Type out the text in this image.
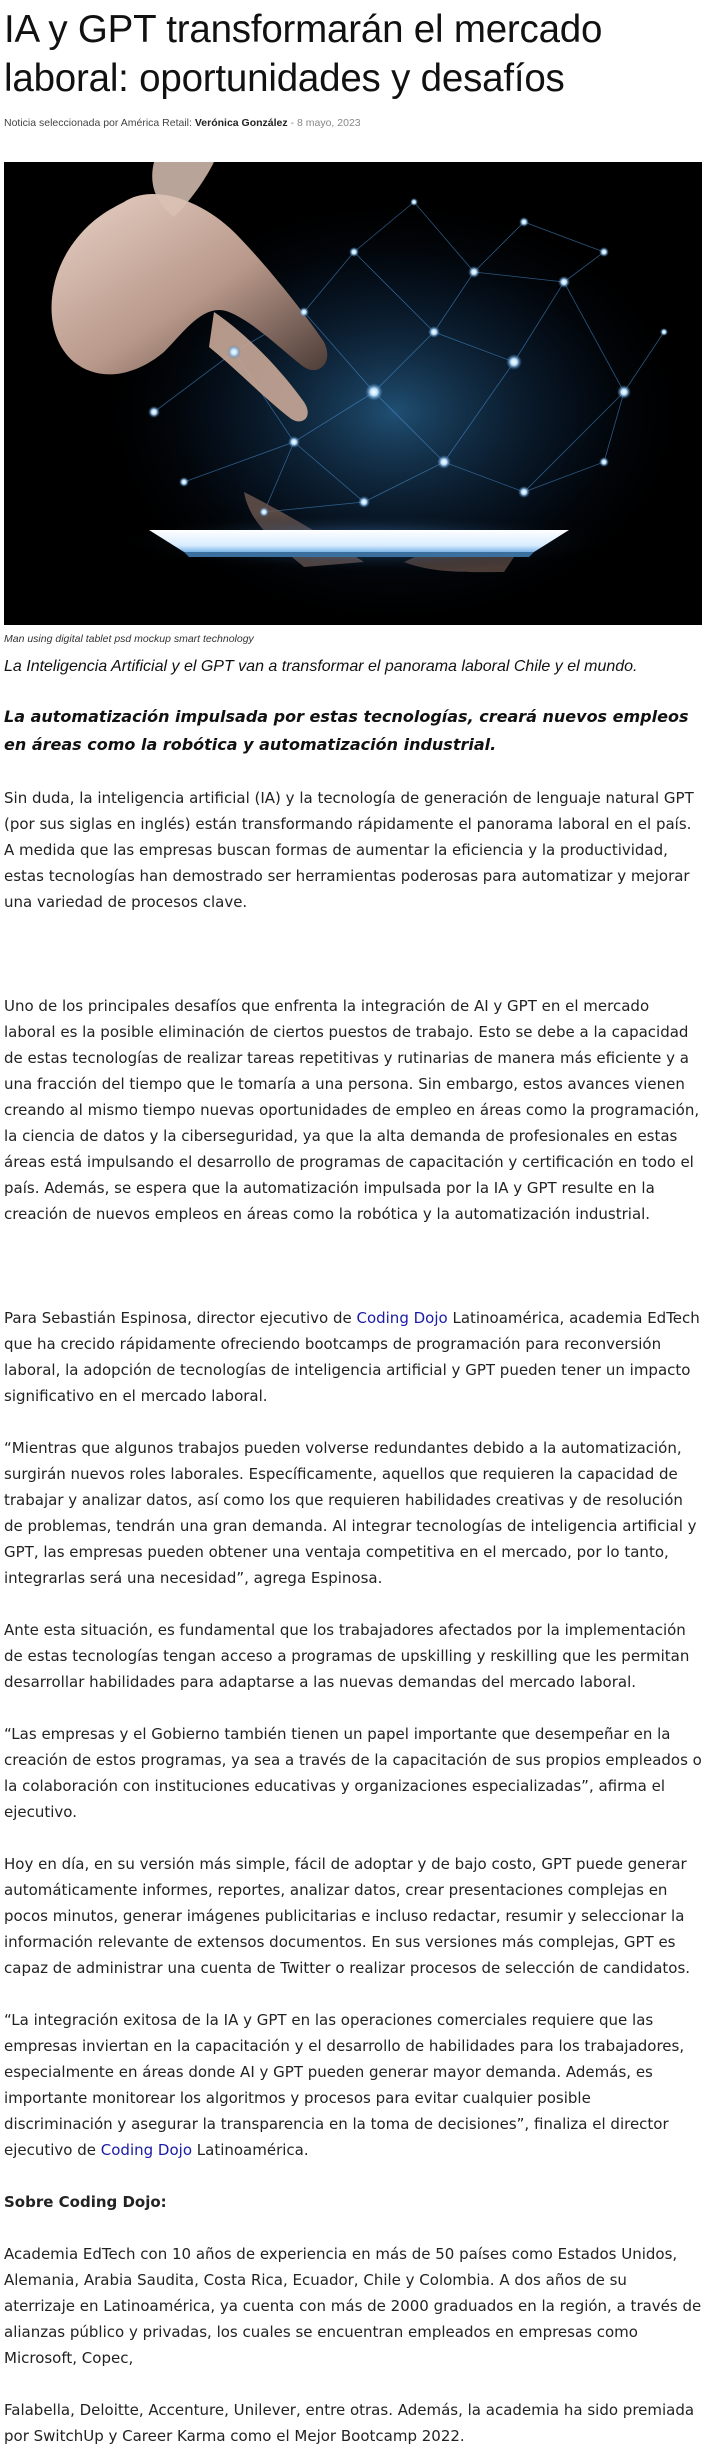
IA y GPT transformarán el mercado laboral: oportunidades y desafíos
Noticia seleccionada por América Retail: Verónica González - 8 mayo, 2023
Man using digital tablet psd mockup smart technology
La Inteligencia Artificial y el GPT van a transformar el panorama laboral Chile y el mundo.

La automatización impulsada por estas tecnologías, creará nuevos empleos en áreas como la robótica y automatización industrial.

Sin duda, la inteligencia artificial (IA) y la tecnología de generación de lenguaje natural GPT (por sus siglas en inglés) están transformando rápidamente el panorama laboral en el país. A medida que las empresas buscan formas de aumentar la eficiencia y la productividad, estas tecnologías han demostrado ser herramientas poderosas para automatizar y mejorar una variedad de procesos clave.

Uno de los principales desafíos que enfrenta la integración de AI y GPT en el mercado laboral es la posible eliminación de ciertos puestos de trabajo. Esto se debe a la capacidad de estas tecnologías de realizar tareas repetitivas y rutinarias de manera más eficiente y a una fracción del tiempo que le tomaría a una persona. Sin embargo, estos avances vienen creando al mismo tiempo nuevas oportunidades de empleo en áreas como la programación, la ciencia de datos y la ciberseguridad, ya que la alta demanda de profesionales en estas áreas está impulsando el desarrollo de programas de capacitación y certificación en todo el país. Además, se espera que la automatización impulsada por la IA y GPT resulte en la creación de nuevos empleos en áreas como la robótica y la automatización industrial.

Para Sebastián Espinosa, director ejecutivo de Coding Dojo Latinoamérica, academia EdTech que ha crecido rápidamente ofreciendo bootcamps de programación para reconversión laboral, la adopción de tecnologías de inteligencia artificial y GPT pueden tener un impacto significativo en el mercado laboral.

“Mientras que algunos trabajos pueden volverse redundantes debido a la automatización, surgirán nuevos roles laborales. Específicamente, aquellos que requieren la capacidad de trabajar y analizar datos, así como los que requieren habilidades creativas y de resolución de problemas, tendrán una gran demanda. Al integrar tecnologías de inteligencia artificial y GPT, las empresas pueden obtener una ventaja competitiva en el mercado, por lo tanto, integrarlas será una necesidad”, agrega Espinosa.

Ante esta situación, es fundamental que los trabajadores afectados por la implementación de estas tecnologías tengan acceso a programas de upskilling y reskilling que les permitan desarrollar habilidades para adaptarse a las nuevas demandas del mercado laboral.

“Las empresas y el Gobierno también tienen un papel importante que desempeñar en la creación de estos programas, ya sea a través de la capacitación de sus propios empleados o la colaboración con instituciones educativas y organizaciones especializadas”, afirma el ejecutivo.

Hoy en día, en su versión más simple, fácil de adoptar y de bajo costo, GPT puede generar automáticamente informes, reportes, analizar datos, crear presentaciones complejas en pocos minutos, generar imágenes publicitarias e incluso redactar, resumir y seleccionar la información relevante de extensos documentos. En sus versiones más complejas, GPT es capaz de administrar una cuenta de Twitter o realizar procesos de selección de candidatos.

“La integración exitosa de la IA y GPT en las operaciones comerciales requiere que las empresas inviertan en la capacitación y el desarrollo de habilidades para los trabajadores, especialmente en áreas donde AI y GPT pueden generar mayor demanda. Además, es importante monitorear los algoritmos y procesos para evitar cualquier posible discriminación y asegurar la transparencia en la toma de decisiones”, finaliza el director ejecutivo de Coding Dojo Latinoamérica.

Sobre Coding Dojo:

Academia EdTech con 10 años de experiencia en más de 50 países como Estados Unidos, Alemania, Arabia Saudita, Costa Rica, Ecuador, Chile y Colombia. A dos años de su aterrizaje en Latinoamérica, ya cuenta con más de 2000 graduados en la región, a través de alianzas público y privadas, los cuales se encuentran empleados en empresas como Microsoft, Copec,

Falabella, Deloitte, Accenture, Unilever, entre otras. Además, la academia ha sido premiada por SwitchUp y Career Karma como el Mejor Bootcamp 2022.
